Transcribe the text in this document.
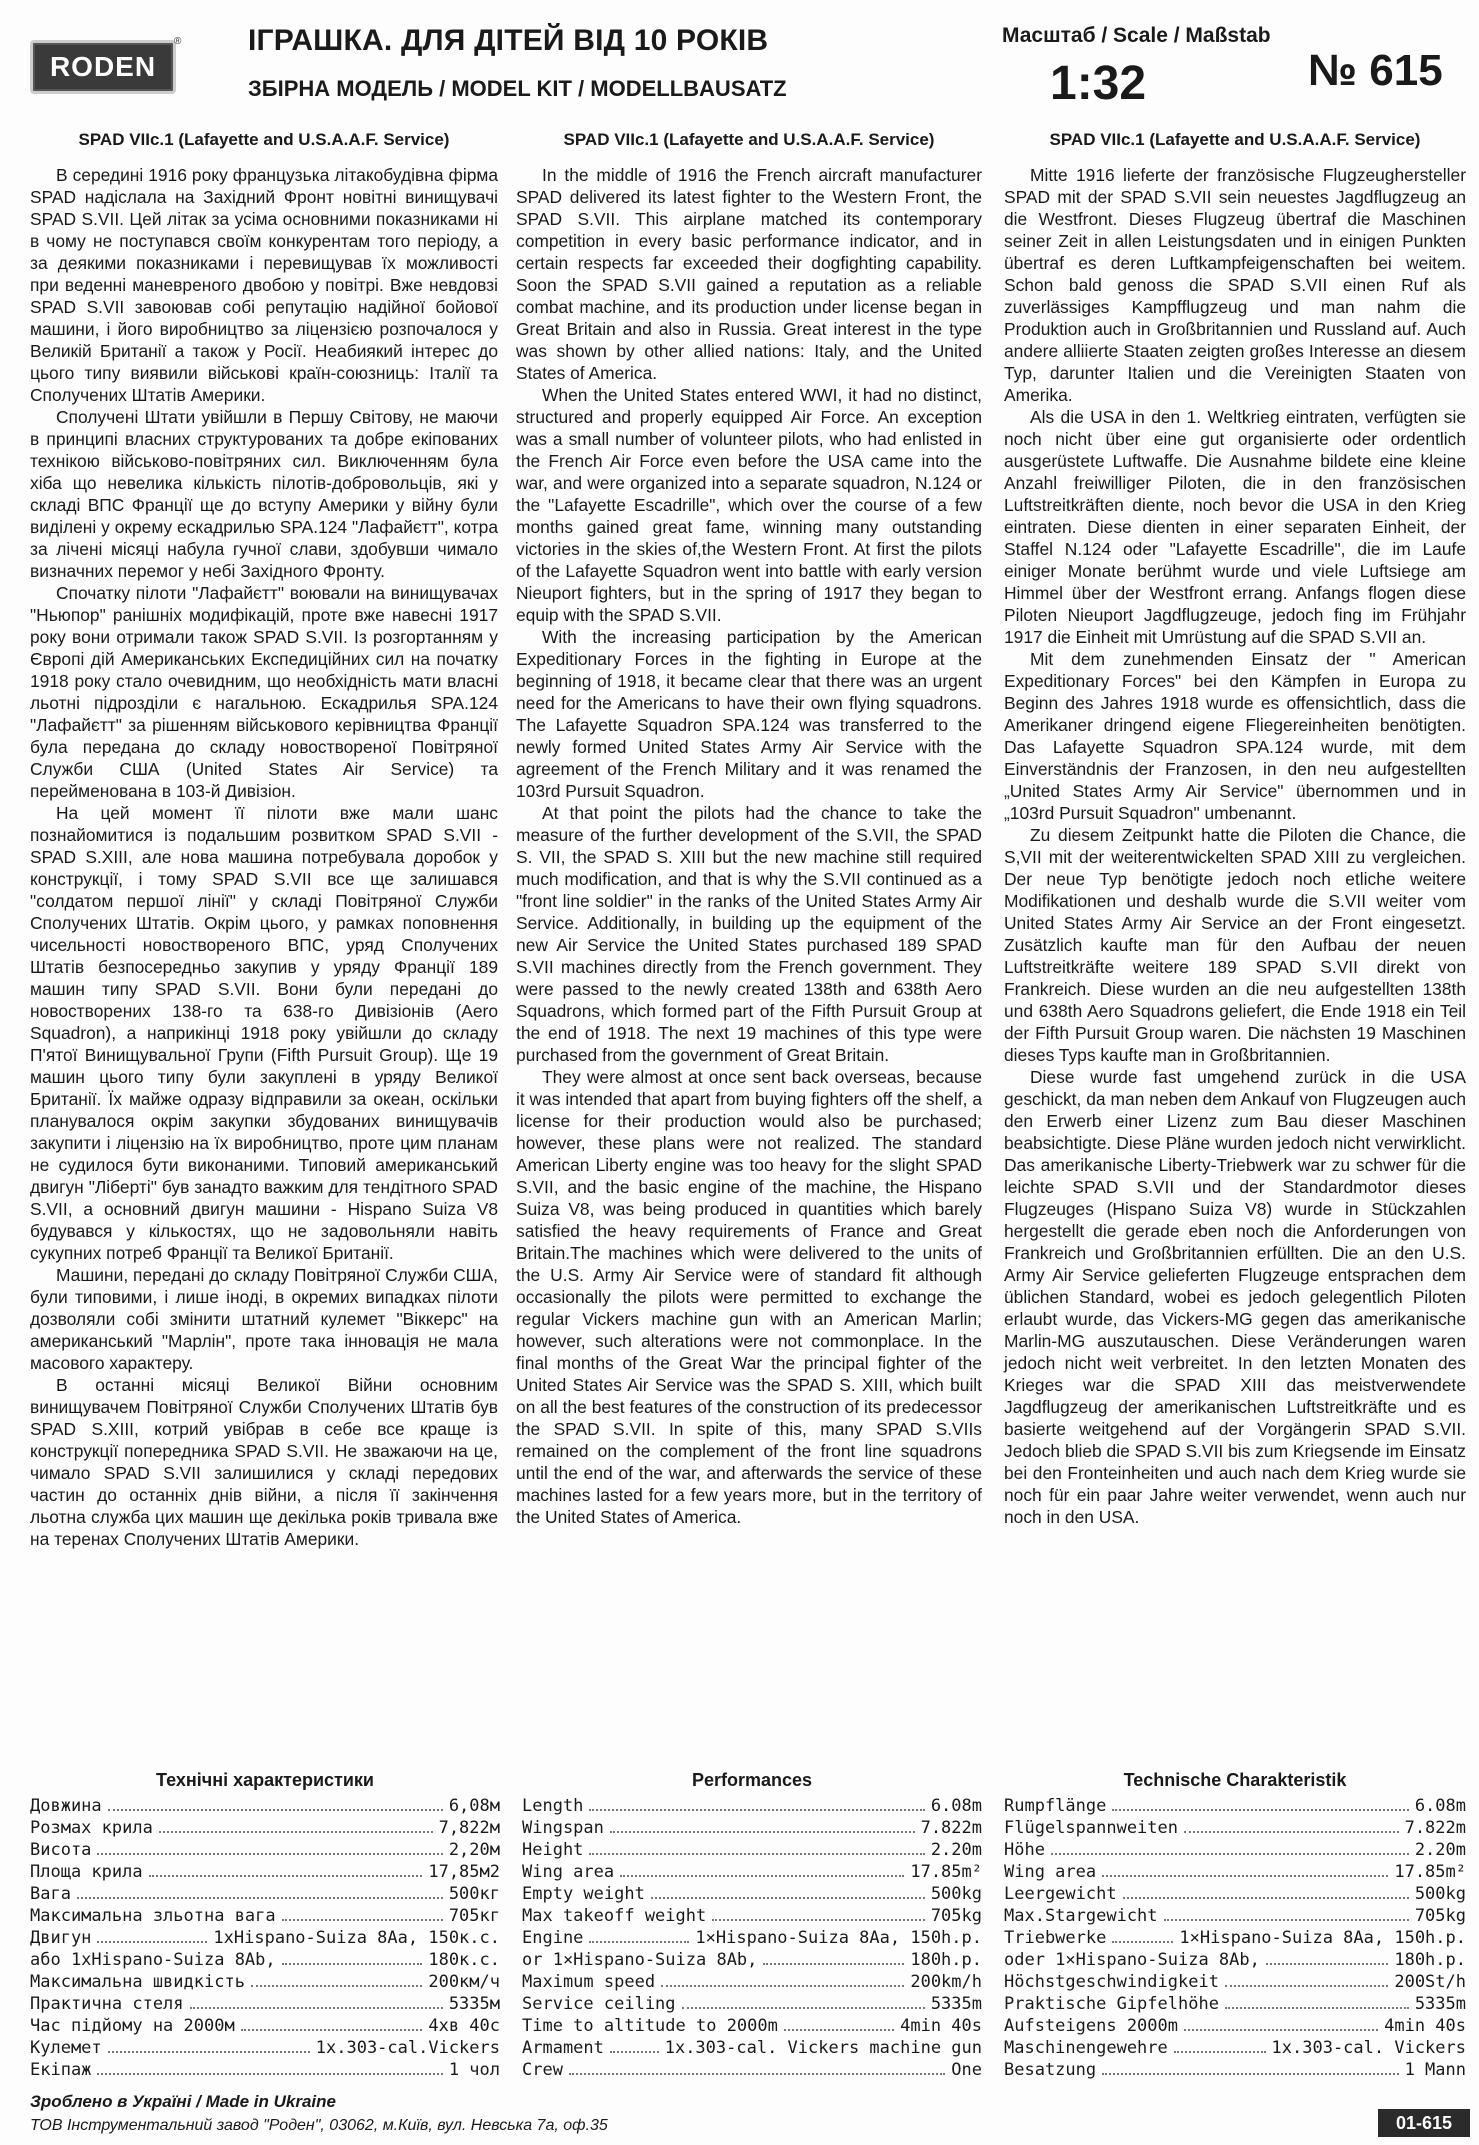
RODEN
® ІГРАШКА. ДЛЯ ДІТЕЙ ВІД 10 РОКІВ
ЗБІРНА МОДЕЛЬ / MODEL KIT / MODELLBAUSATZ
Масштаб / Scale / Maßstab
1:32	№ 615
SPAD VIIc.1 (Lafayette and U.S.A.A.F. Service)

В середині 1916 року французька літакобудівна фірма SPAD надіслала на Західний Фронт новітні винищувачі SPAD S.VII. Цей літак за усіма основними показниками ні в чому не поступався своїм конкурентам того періоду, а за деякими показниками і перевищував їх можливості при веденні маневреного двобою у повітрі. Вже невдовзі SPAD S.VII завоював собі репутацію надійної бойової машини, і його виробництво за ліцензією розпочалося у Великій Британії а також у Росії. Неабиякий інтерес до цього типу виявили військові країн-союзниць: Італії та Сполучених Штатів Америки.

Сполучені Штати увійшли в Першу Світову, не маючи в принципі власних структурованих та добре екіпованих технікою військово-повітряних сил. Виключенням була хіба що невелика кількість пілотів-добровольців, які у складі ВПС Франції ще до вступу Америки у війну були виділені у окрему ескадрилью SPA.124 "Лафайєтт", котра за лічені місяці набула гучної слави, здобувши чимало визначних перемог у небі Західного Фронту.

Спочатку пілоти "Лафайєтт" воювали на винищувачах "Ньюпор" ранішніх модифікацій, проте вже навесні 1917 року вони отримали також SPAD S.VII. Із розгортанням у Європі дій Американських Експедиційних сил на початку 1918 року стало очевидним, що необхідність мати власні льотні підрозділи є нагальною. Ескадрилья SPA.124 "Лафайєтт" за рішенням військового керівництва Франції була передана до складу новоствореної Повітряної Служби США (United States Air Service) та перейменована в 103-й Дивізіон.

На цей момент її пілоти вже мали шанс познайомитися із подальшим розвитком SPAD S.VII - SPAD S.XIII, але нова машина потребувала доробок у конструкції, і тому SPAD S.VII все ще залишався "солдатом першої лінії" у складі Повітряної Служби Сполучених Штатів. Окрім цього, у рамках поповнення чисельності новоствореного ВПС, уряд Сполучених Штатів безпосередньо закупив у уряду Франції 189 машин типу SPAD S.VII. Вони були передані до новостворених 138-го та 638-го Дивізіонів (Aero Squadron), а наприкінці 1918 року увійшли до складу П'ятої Винищувальної Групи (Fifth Pursuit Group). Ще 19 машин цього типу були закуплені в уряду Великої Британії. Їх майже одразу відправили за океан, оскільки планувалося окрім закупки збудованих винищувачів закупити і ліцензію на їх виробництво, проте цим планам не судилося бути виконаними. Типовий американський двигун "Ліберті" був занадто важким для тендітного SPAD S.VII, а основний двигун машини - Hispano Suiza V8 будувався у кількостях, що не задовольняли навіть сукупних потреб Франції та Великої Британії.

Машини, передані до складу Повітряної Служби США, були типовими, і лише іноді, в окремих випадках пілоти дозволяли собі змінити штатний кулемет "Віккерс" на американський "Марлін", проте така інновація не мала масового характеру.

В останні місяці Великої Війни основним винищувачем Повітряної Служби Сполучених Штатів був SPAD S.XIII, котрий увібрав в себе все краще із конструкції попередника SPAD S.VII. Не зважаючи на це, чимало SPAD S.VII залишилися у складі передових частин до останніх днів війни, а після її закінчення льотна служба цих машин ще декілька років тривала вже на теренах Сполучених Штатів Америки.

SPAD VIIc.1 (Lafayette and U.S.A.A.F. Service)

In the middle of 1916 the French aircraft manufacturer SPAD delivered its latest fighter to the Western Front, the SPAD S.VII. This airplane matched its contemporary competition in every basic performance indicator, and in certain respects far exceeded their dogfighting capability. Soon the SPAD S.VII gained a reputation as a reliable combat machine, and its production under license began in Great Britain and also in Russia. Great interest in the type was shown by other allied nations: Italy, and the United States of America.

When the United States entered WWI, it had no distinct, structured and properly equipped Air Force. An exception was a small number of volunteer pilots, who had enlisted in the French Air Force even before the USA came into the war, and were organized into a separate squadron, N.124 or the "Lafayette Escadrille", which over the course of a few months gained great fame, winning many outstanding victories in the skies of,the Western Front. At first the pilots of the Lafayette Squadron went into battle with early version Nieuport fighters, but in the spring of 1917 they began to equip with the SPAD S.VII.

With the increasing participation by the American Expeditionary Forces in the fighting in Europe at the beginning of 1918, it became clear that there was an urgent need for the Americans to have their own flying squadrons. The Lafayette Squadron SPA.124 was transferred to the newly formed United States Army Air Service with the agreement of the French Military and it was renamed the 103rd Pursuit Squadron.

At that point the pilots had the chance to take the measure of the further development of the S.VII, the SPAD S. VII, the SPAD S. XIII but the new machine still required much modification, and that is why the S.VII continued as a "front line soldier" in the ranks of the United States Army Air Service. Additionally, in building up the equipment of the new Air Service the United States purchased 189 SPAD S.VII machines directly from the French government. They were passed to the newly created 138th and 638th Aero Squadrons, which formed part of the Fifth Pursuit Group at the end of 1918. The next 19 machines of this type were purchased from the government of Great Britain.

They were almost at once sent back overseas, because it was intended that apart from buying fighters off the shelf, a license for their production would also be purchased; however, these plans were not realized. The standard American Liberty engine was too heavy for the slight SPAD S.VII, and the basic engine of the machine, the Hispano Suiza V8, was being produced in quantities which barely satisfied the heavy requirements of France and Great Britain.The machines which were delivered to the units of the U.S. Army Air Service were of standard fit although occasionally the pilots were permitted to exchange the regular Vickers machine gun with an American Marlin; however, such alterations were not commonplace. In the final months of the Great War the principal fighter of the United States Air Service was the SPAD S. XIII, which built on all the best features of the construction of its predecessor the SPAD S.VII. In spite of this, many SPAD S.VIIs remained on the complement of the front line squadrons until the end of the war, and afterwards the service of these machines lasted for a few years more, but in the territory of the United States of America.

SPAD VIIc.1 (Lafayette and U.S.A.A.F. Service)

Mitte 1916 lieferte der französische Flugzeughersteller SPAD mit der SPAD S.VII sein neuestes Jagdflugzeug an die Westfront. Dieses Flugzeug übertraf die Maschinen seiner Zeit in allen Leistungsdaten und in einigen Punkten übertraf es deren Luftkampfeigenschaften bei weitem. Schon bald genoss die SPAD S.VII einen Ruf als zuverlässiges Kampfflugzeug und man nahm die Produktion auch in Großbritannien und Russland auf. Auch andere alliierte Staaten zeigten großes Interesse an diesem Typ, darunter Italien und die Vereinigten Staaten von Amerika.

Als die USA in den 1. Weltkrieg eintraten, verfügten sie noch nicht über eine gut organisierte oder ordentlich ausgerüstete Luftwaffe. Die Ausnahme bildete eine kleine Anzahl freiwilliger Piloten, die in den französischen Luftstreitkräften diente, noch bevor die USA in den Krieg eintraten. Diese dienten in einer separaten Einheit, der Staffel N.124 oder "Lafayette Escadrille", die im Laufe einiger Monate berühmt wurde und viele Luftsiege am Himmel über der Westfront errang. Anfangs flogen diese Piloten Nieuport Jagdflugzeuge, jedoch fing im Frühjahr 1917 die Einheit mit Umrüstung auf die SPAD S.VII an.

Mit dem zunehmenden Einsatz der " American Expeditionary Forces" bei den Kämpfen in Europa zu Beginn des Jahres 1918 wurde es offensichtlich, dass die Amerikaner dringend eigene Fliegereinheiten benötigten. Das Lafayette Squadron SPA.124 wurde, mit dem Einverständnis der Franzosen, in den neu aufgestellten „United States Army Air Service" übernommen und in „103rd Pursuit Squadron" umbenannt.

Zu diesem Zeitpunkt hatte die Piloten die Chance, die S,VII mit der weiterentwickelten SPAD XIII zu vergleichen. Der neue Typ benötigte jedoch noch etliche weitere Modifikationen und deshalb wurde die S.VII weiter vom United States Army Air Service an der Front eingesetzt. Zusätzlich kaufte man für den Aufbau der neuen Luftstreitkräfte weitere 189 SPAD S.VII direkt von Frankreich. Diese wurden an die neu aufgestellten 138th und 638th Aero Squadrons geliefert, die Ende 1918 ein Teil der Fifth Pursuit Group waren. Die nächsten 19 Maschinen dieses Typs kaufte man in Großbritannien.

Diese wurde fast umgehend zurück in die USA geschickt, da man neben dem Ankauf von Flugzeugen auch den Erwerb einer Lizenz zum Bau dieser Maschinen beabsichtigte. Diese Pläne wurden jedoch nicht verwirklicht. Das amerikanische Liberty-Triebwerk war zu schwer für die leichte SPAD S.VII und der Standardmotor dieses Flugzeuges (Hispano Suiza V8) wurde in Stückzahlen hergestellt die gerade eben noch die Anforderungen von Frankreich und Großbritannien erfüllten. Die an den U.S. Army Air Service gelieferten Flugzeuge entsprachen dem üblichen Standard, wobei es jedoch gelegentlich Piloten erlaubt wurde, das Vickers-MG gegen das amerikanische Marlin-MG auszutauschen. Diese Veränderungen waren jedoch nicht weit verbreitet. In den letzten Monaten des Krieges war die SPAD XIII das meistverwendete Jagdflugzeug der amerikanischen Luftstreitkräfte und es basierte weitgehend auf der Vorgängerin SPAD S.VII. Jedoch blieb die SPAD S.VII bis zum Kriegsende im Einsatz bei den Fronteinheiten und auch nach dem Krieg wurde sie noch für ein paar Jahre weiter verwendet, wenn auch nur noch in den USA.

Технічні характеристики
Довжина	6,08м
Розмах крила	7,822м
Висота	2,20м
Площа крила	17,85м2
Вага	500кг
Максимальна зльотна вага	705кг
Двигун	1xHispano-Suiza 8Aa, 150к.с.
або 1xHispano-Suiza 8Ab,	180к.с.
Максимальна швидкість	200км/ч
Практична стеля	5335м
Час підйому на 2000м	4хв 40с
Кулемет	1x.303-cal.Vickers
Екіпаж	1 чол
Performances
Length	6.08m
Wingspan	7.822m
Height	2.20m
Wing area	17.85m²
Empty weight	500kg
Max takeoff weight	705kg
Engine	1×Hispano-Suiza 8Aa, 150h.p.
or 1×Hispano-Suiza 8Ab,	180h.p.
Maximum speed	200km/h
Service ceiling	5335m
Time to altitude to 2000m	4min 40s
Armament	1x.303-cal. Vickers machine gun
Crew	One
Technische Charakteristik
Rumpflänge	6.08m
Flügelspannweiten	7.822m
Höhe	2.20m
Wing area	17.85m²
Leergewicht	500kg
Max.Stargewicht	705kg
Triebwerke	1×Hispano-Suiza 8Aa, 150h.p.
oder 1×Hispano-Suiza 8Ab,	180h.p.
Höchstgeschwindigkeit	200St/h
Praktische Gipfelhöhe	5335m
Aufsteigens 2000m	4min 40s
Maschinengewehre	1x.303-cal. Vickers
Besatzung	1 Mann
Зроблено в Україні / Made in Ukraine
ТОВ Інструментальний завод "Роден", 03062, м.Київ, вул. Невська 7а, оф.35	01-615
